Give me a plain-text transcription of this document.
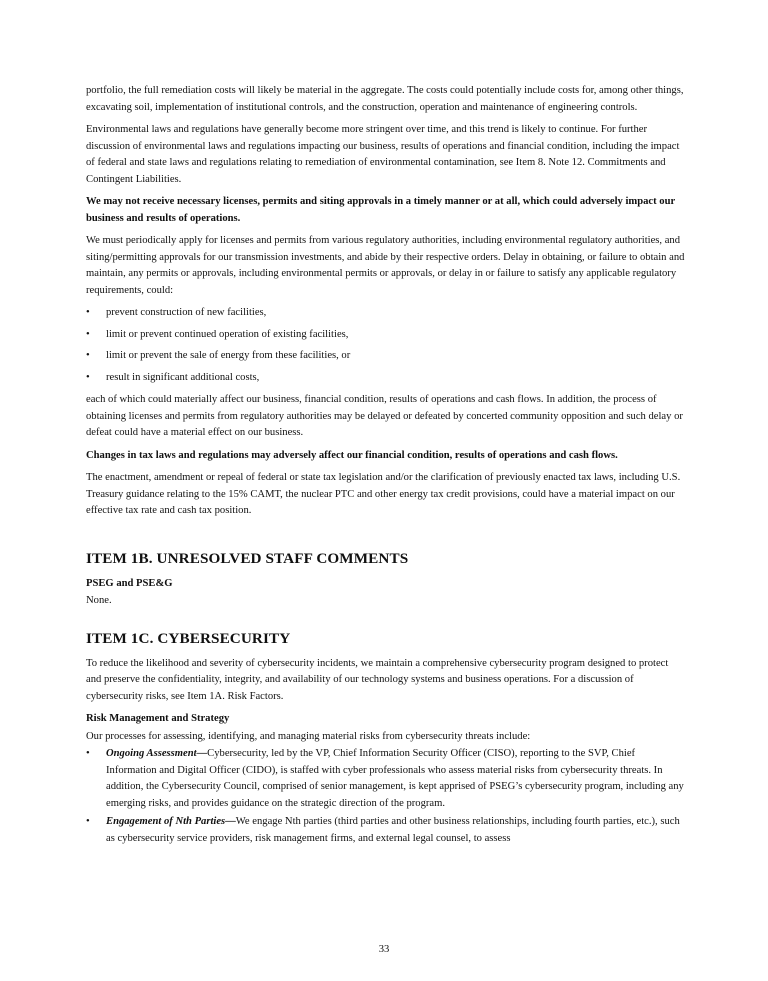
portfolio, the full remediation costs will likely be material in the aggregate. The costs could potentially include costs for, among other things, excavating soil, implementation of institutional controls, and the construction, operation and maintenance of engineering controls.

Environmental laws and regulations have generally become more stringent over time, and this trend is likely to continue. For further discussion of environmental laws and regulations impacting our business, results of operations and financial condition, including the impact of federal and state laws and regulations relating to remediation of environmental contamination, see Item 8. Note 12. Commitments and Contingent Liabilities.

We may not receive necessary licenses, permits and siting approvals in a timely manner or at all, which could adversely impact our business and results of operations.

We must periodically apply for licenses and permits from various regulatory authorities, including environmental regulatory authorities, and siting/permitting approvals for our transmission investments, and abide by their respective orders. Delay in obtaining, or failure to obtain and maintain, any permits or approvals, including environmental permits or approvals, or delay in or failure to satisfy any applicable regulatory requirements, could:

• prevent construction of new facilities,
• limit or prevent continued operation of existing facilities,
• limit or prevent the sale of energy from these facilities, or
• result in significant additional costs,

each of which could materially affect our business, financial condition, results of operations and cash flows. In addition, the process of obtaining licenses and permits from regulatory authorities may be delayed or defeated by concerted community opposition and such delay or defeat could have a material effect on our business.

Changes in tax laws and regulations may adversely affect our financial condition, results of operations and cash flows.

The enactment, amendment or repeal of federal or state tax legislation and/or the clarification of previously enacted tax laws, including U.S. Treasury guidance relating to the 15% CAMT, the nuclear PTC and other energy tax credit provisions, could have a material impact on our effective tax rate and cash tax position.

ITEM 1B. UNRESOLVED STAFF COMMENTS

PSEG and PSE&G

None.

ITEM 1C. CYBERSECURITY

To reduce the likelihood and severity of cybersecurity incidents, we maintain a comprehensive cybersecurity program designed to protect and preserve the confidentiality, integrity, and availability of our technology systems and business operations. For a discussion of cybersecurity risks, see Item 1A. Risk Factors.

Risk Management and Strategy

Our processes for assessing, identifying, and managing material risks from cybersecurity threats include:

• Ongoing Assessment—Cybersecurity, led by the VP, Chief Information Security Officer (CISO), reporting to the SVP, Chief Information and Digital Officer (CIDO), is staffed with cyber professionals who assess material risks from cybersecurity threats. In addition, the Cybersecurity Council, comprised of senior management, is kept apprised of PSEG’s cybersecurity program, including any emerging risks, and provides guidance on the strategic direction of the program.
• Engagement of Nth Parties—We engage Nth parties (third parties and other business relationships, including fourth parties, etc.), such as cybersecurity service providers, risk management firms, and external legal counsel, to assess
33
